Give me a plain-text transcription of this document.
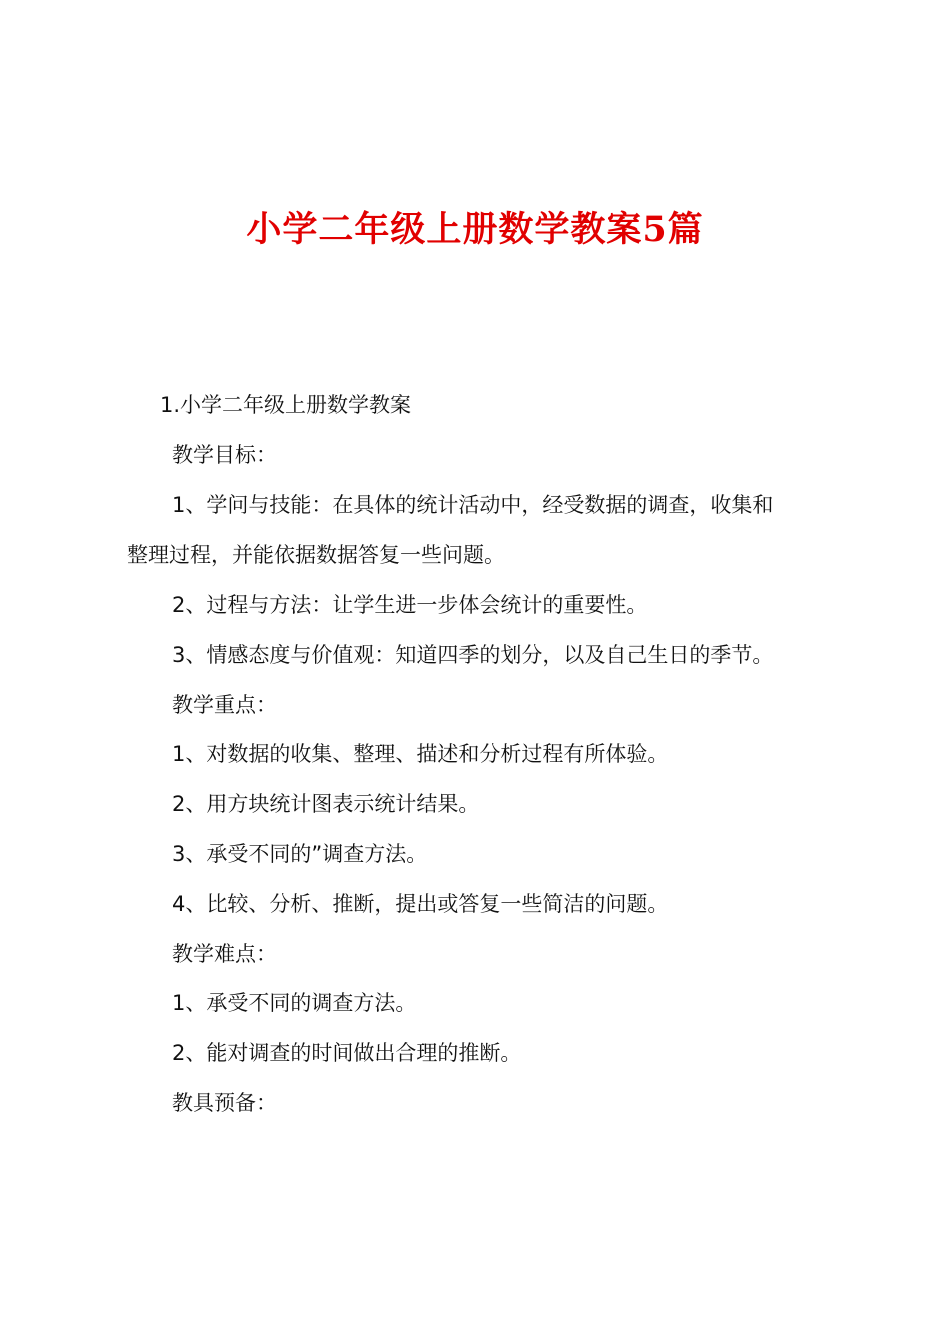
小学二年级上册数学教案5篇
1.小学二年级上册数学教案
教学目标：
1、学问与技能：在具体的统计活动中，经受数据的调查，收集和
整理过程，并能依据数据答复一些问题。
2、过程与方法：让学生进一步体会统计的重要性。
3、情感态度与价值观：知道四季的划分，以及自己生日的季节。
教学重点：
1、对数据的收集、整理、描述和分析过程有所体验。
2、用方块统计图表示统计结果。
3、承受不同的”调查方法。
4、比较、分析、推断，提出或答复一些简洁的问题。
教学难点：
1、承受不同的调查方法。
2、能对调查的时间做出合理的推断。
教具预备：
